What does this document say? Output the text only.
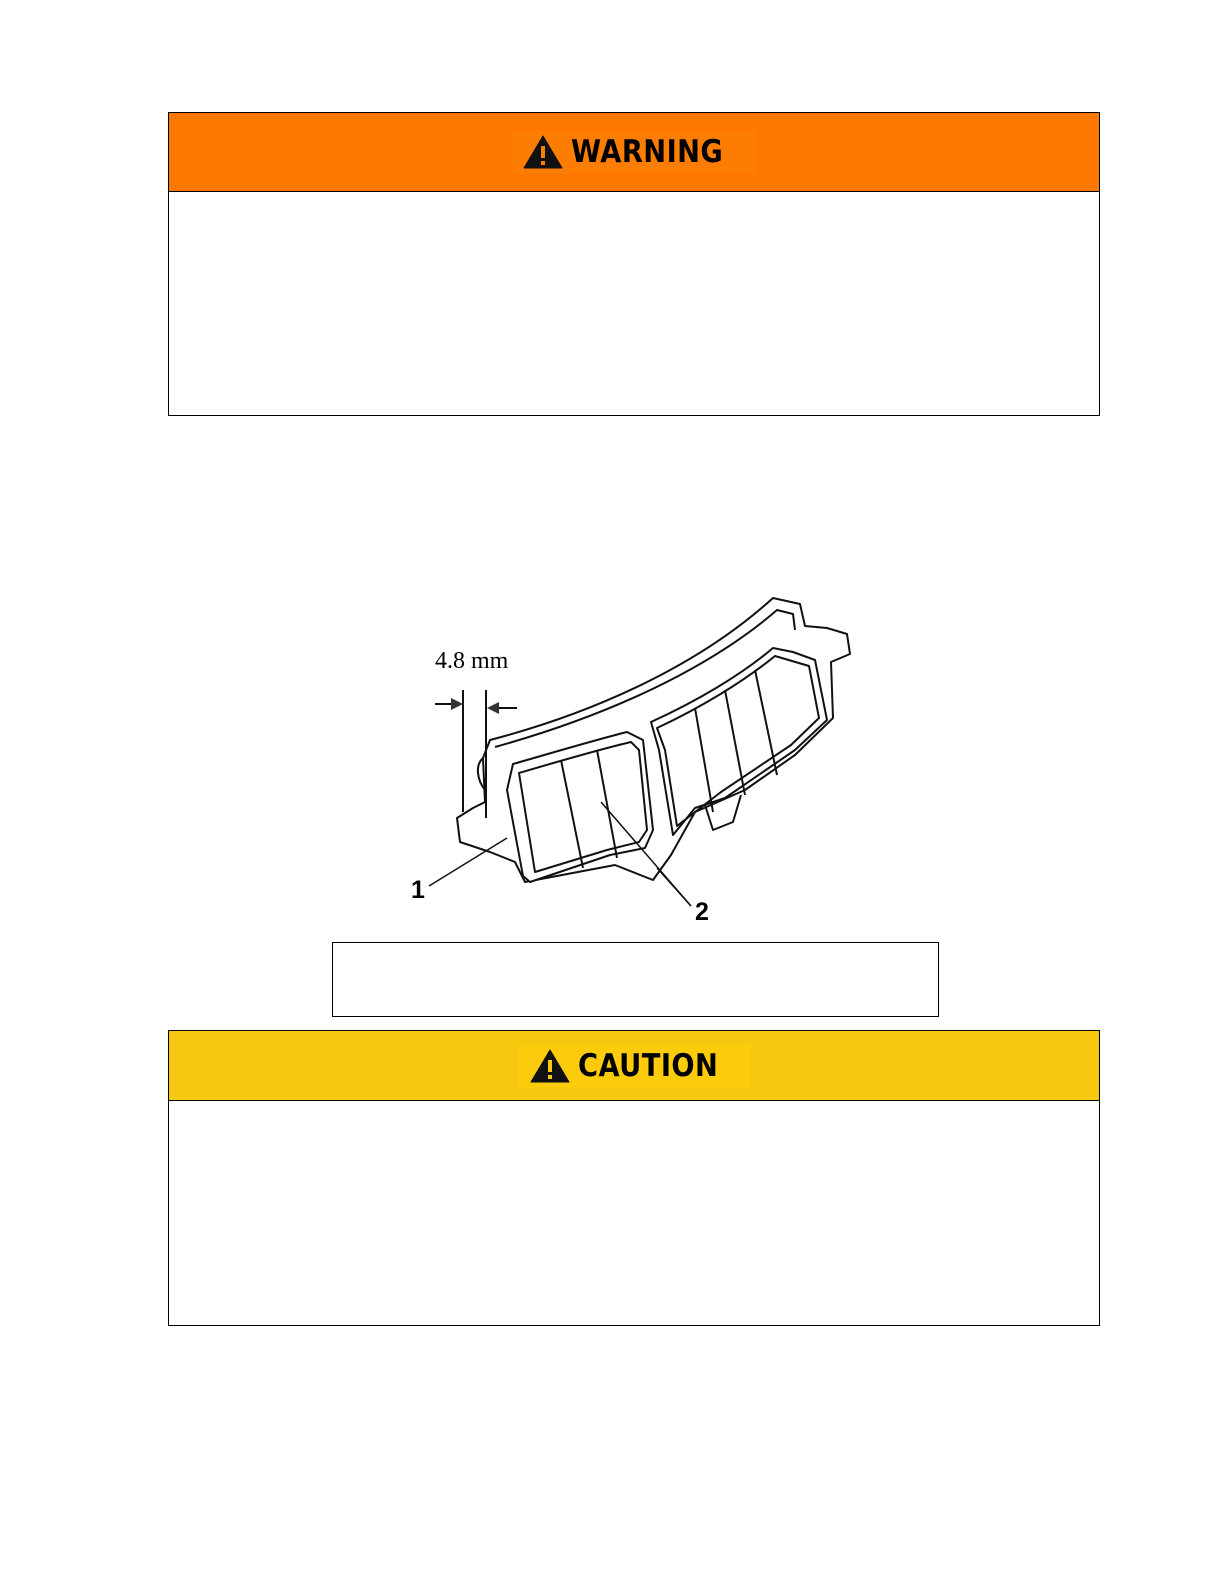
WARNING
4.8 mm
1
2
CAUTION
